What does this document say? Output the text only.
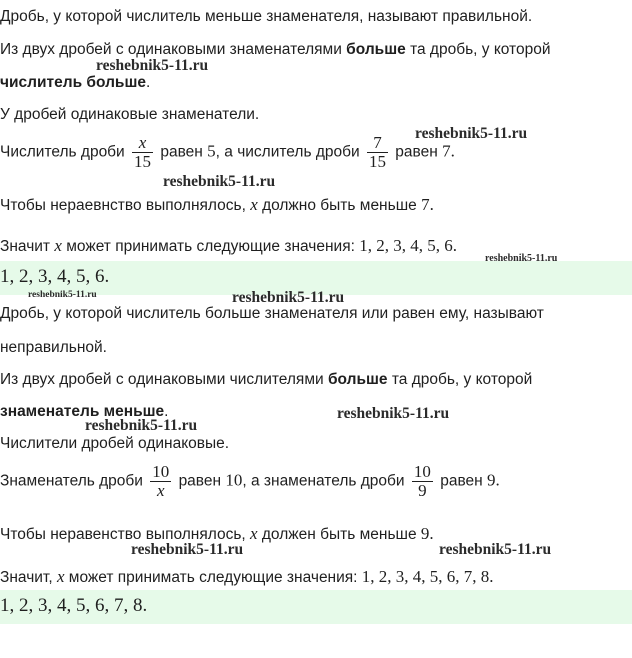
Дробь, у которой числитель меньше знаменателя, называют правильной.
Из двух дробей с одинаковыми знаменателями больше та дробь, у которой
числитель больше.
У дробей одинаковые знаменатели.
Числитель дроби $\frac{x}{15}$ равен 5, а числитель дроби $\frac{7}{15}$ равен 7.
Чтобы нераевнство выполнялось, x должно быть меньше 7.
Значит x может принимать следующие значения: 1, 2, 3, 4, 5, 6.
1, 2, 3, 4, 5, 6.
Дробь, у которой числитель больше знаменателя или равен ему, называют
неправильной.
Из двух дробей с одинаковыми числителями больше та дробь, у которой
знаменатель меньше.
Числители дробей одинаковые.
Знаменатель дроби $\frac{10}{x}$ равен 10, а знаменатель дроби $\frac{10}{9}$ равен 9.
Чтобы неравенство выполнялось, x должен быть меньше 9.
Значит, x может принимать следующие значения: 1, 2, 3, 4, 5, 6, 7, 8.
1, 2, 3, 4, 5, 6, 7, 8.
reshebnik5-11.ru
reshebnik5-11.ru
reshebnik5-11.ru
reshebnik5-11.ru
reshebnik5-11.ru	reshebnik5-11.ru
reshebnik5-11.ru
reshebnik5-11.ru
reshebnik5-11.ru	reshebnik5-11.ru
